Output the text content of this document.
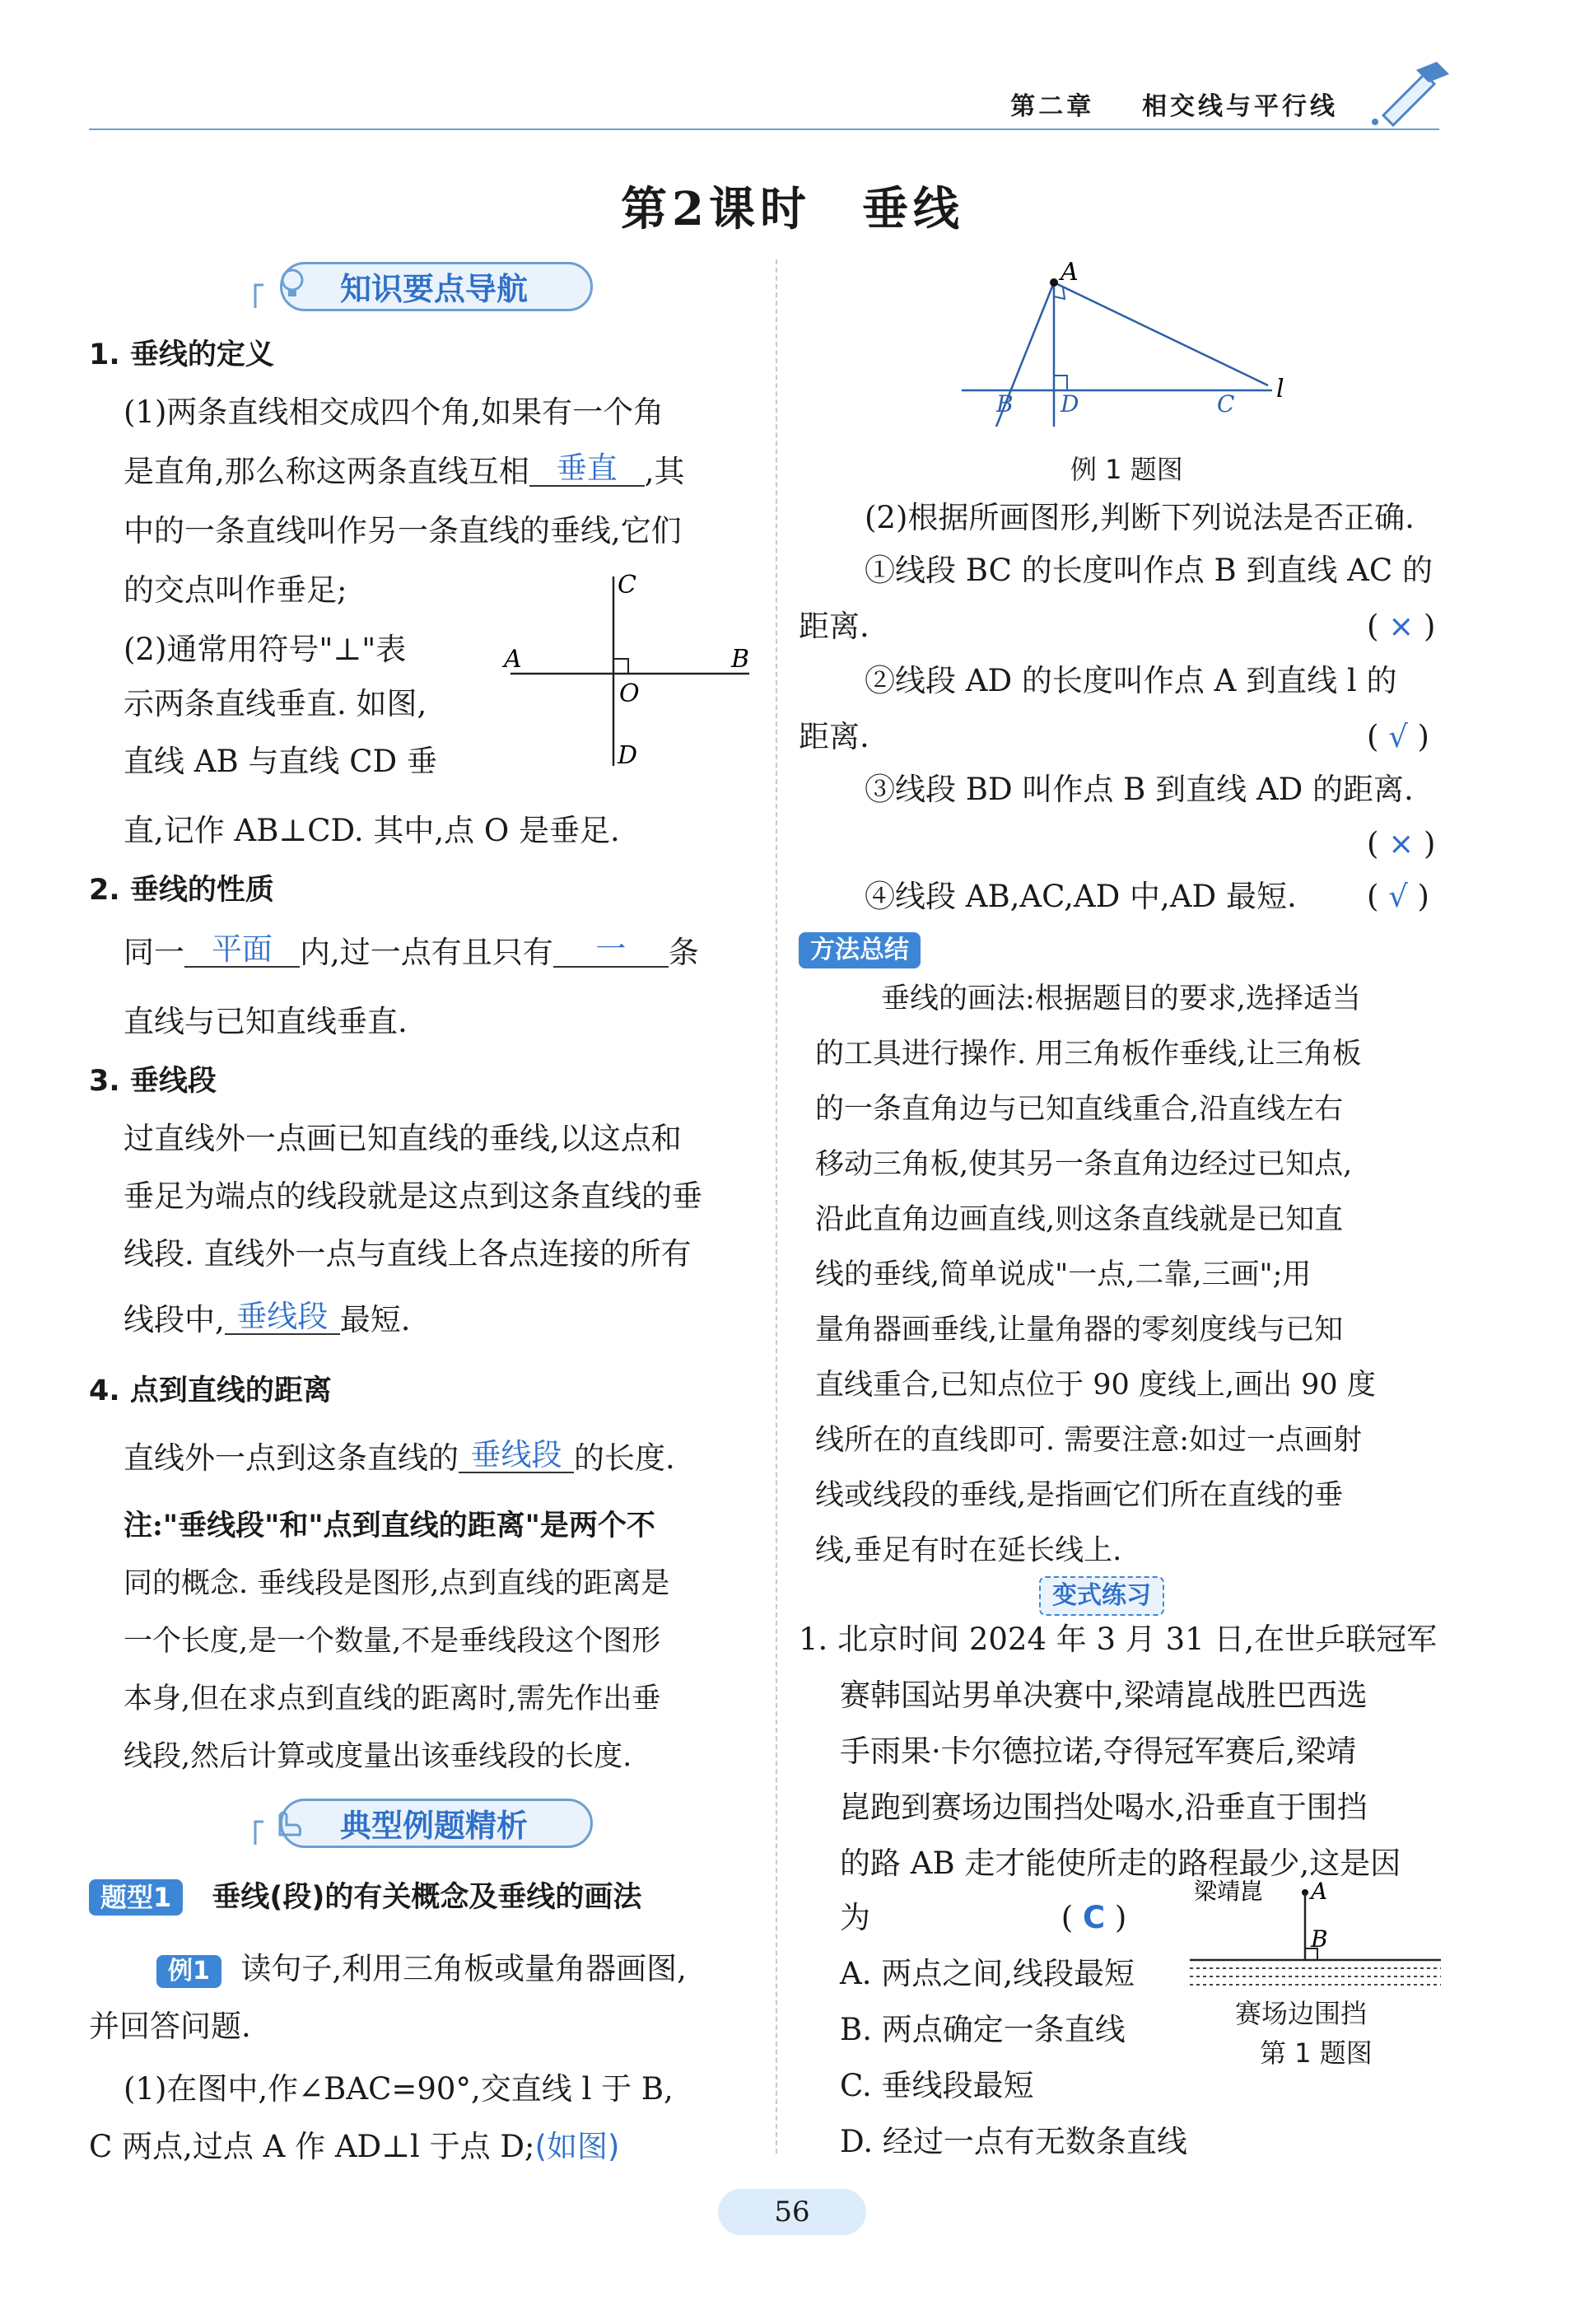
第二章 相交线与平行线
第2课时　垂线
知识要点导航
1. 垂线的定义
(1)两条直线相交成四个角,如果有一个角
是直角,那么称这两条直线互相 垂直 ,其
中的一条直线叫作另一条直线的垂线,它们
的交点叫作垂足;
(2)通常用符号"⊥"表
示两条直线垂直. 如图,
直线 AB 与直线 CD 垂
直,记作 AB⊥CD. 其中,点 O 是垂足.
C
A	B
O
D
2. 垂线的性质
同一 平面 内,过一点有且只有 一 条
直线与已知直线垂直.
3. 垂线段
过直线外一点画已知直线的垂线,以这点和
垂足为端点的线段就是这点到这条直线的垂
线段. 直线外一点与直线上各点连接的所有
线段中, 垂线段 最短.
4. 点到直线的距离
直线外一点到这条直线的 垂线段 的长度.
注:"垂线段"和"点到直线的距离"是两个不
同的概念. 垂线段是图形,点到直线的距离是
一个长度,是一个数量,不是垂线段这个图形
本身,但在求点到直线的距离时,需先作出垂
线段,然后计算或度量出该垂线段的长度.
典型例题精析
题型1 垂线(段)的有关概念及垂线的画法
例1 读句子,利用三角板或量角器画图,
并回答问题.
(1)在图中,作∠BAC=90°,交直线 l 于 B,
C 两点,过点 A 作 AD⊥l 于点 D;(如图)
A
B D	C
l
例 1 题图
(2)根据所画图形,判断下列说法是否正确.
①线段 BC 的长度叫作点 B 到直线 AC 的
距离.	( × )
②线段 AD 的长度叫作点 A 到直线 l 的
距离.	( √ )
③线段 BD 叫作点 B 到直线 AD 的距离.
( × )
④线段 AB,AC,AD 中,AD 最短. ( √ )
方法总结
垂线的画法:根据题目的要求,选择适当
的工具进行操作. 用三角板作垂线,让三角板
的一条直角边与已知直线重合,沿直线左右
移动三角板,使其另一条直角边经过已知点,
沿此直角边画直线,则这条直线就是已知直
线的垂线,简单说成"一点,二靠,三画";用
量角器画垂线,让量角器的零刻度线与已知
直线重合,已知点位于 90 度线上,画出 90 度
线所在的直线即可. 需要注意:如过一点画射
线或线段的垂线,是指画它们所在直线的垂
线,垂足有时在延长线上.
变式练习
1. 北京时间 2024 年 3 月 31 日,在世乒联冠军
赛韩国站男单决赛中,梁靖崑战胜巴西选
手雨果·卡尔德拉诺,夺得冠军赛后,梁靖
崑跑到赛场边围挡处喝水,沿垂直于围挡
的路 AB 走才能使所走的路程最少,这是因
为	( C )
A. 两点之间,线段最短
B. 两点确定一条直线
C. 垂线段最短
D. 经过一点有无数条直线
梁靖崑 A
B
赛场边围挡
第 1 题图
56
